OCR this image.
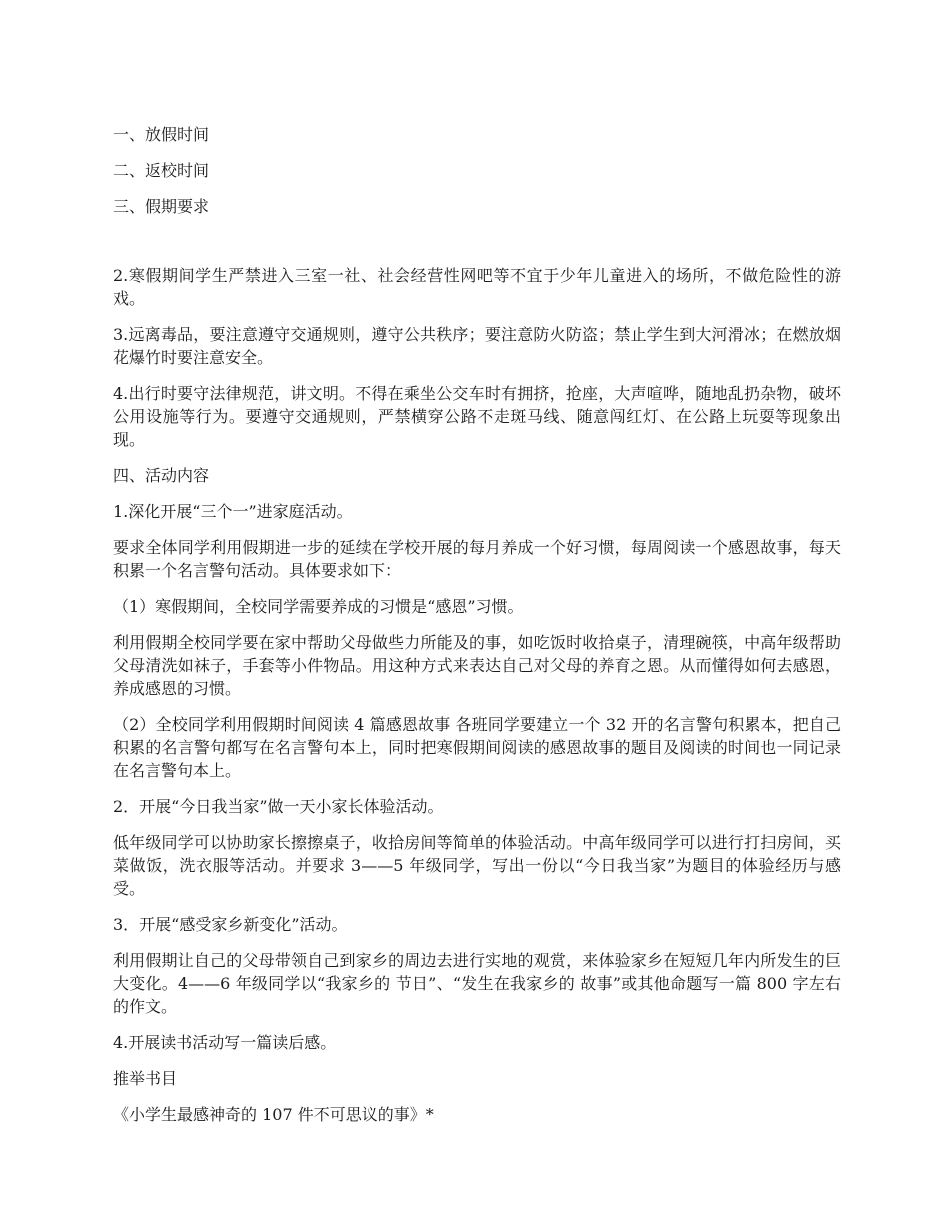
一、放假时间

二、返校时间

三、假期要求

2.寒假期间学生严禁进入三室一社、社会经营性网吧等不宜于少年儿童进入的场所，不做危险性的游戏。

3.远离毒品，要注意遵守交通规则，遵守公共秩序；要注意防火防盗；禁止学生到大河滑冰；在燃放烟花爆竹时要注意安全。

4.出行时要守法律规范，讲文明。不得在乘坐公交车时有拥挤，抢座，大声喧哗，随地乱扔杂物，破坏公用设施等行为。要遵守交通规则，严禁横穿公路不走斑马线、随意闯红灯、在公路上玩耍等现象出现。

四、活动内容

1.深化开展“三个一”进家庭活动。

要求全体同学利用假期进一步的延续在学校开展的每月养成一个好习惯，每周阅读一个感恩故事，每天积累一个名言警句活动。具体要求如下：

（1）寒假期间，全校同学需要养成的习惯是“感恩”习惯。

利用假期全校同学要在家中帮助父母做些力所能及的事，如吃饭时收拾桌子，清理碗筷，中高年级帮助父母清洗如袜子，手套等小件物品。用这种方式来表达自己对父母的养育之恩。从而懂得如何去感恩，养成感恩的习惯。

（2）全校同学利用假期时间阅读 4 篇感恩故事 各班同学要建立一个 32 开的名言警句积累本，把自己积累的名言警句都写在名言警句本上，同时把寒假期间阅读的感恩故事的题目及阅读的时间也一同记录在名言警句本上。

2．开展“今日我当家”做一天小家长体验活动。

低年级同学可以协助家长擦擦桌子，收拾房间等简单的体验活动。中高年级同学可以进行打扫房间，买菜做饭，洗衣服等活动。并要求 3——5 年级同学，写出一份以“今日我当家”为题目的体验经历与感受。

3．开展“感受家乡新变化”活动。

利用假期让自己的父母带领自己到家乡的周边去进行实地的观赏，来体验家乡在短短几年内所发生的巨大变化。4——6 年级同学以“我家乡的 节日”、“发生在我家乡的 故事”或其他命题写一篇 800 字左右的作文。

4.开展读书活动写一篇读后感。

推举书目

《小学生最感神奇的 107 件不可思议的事》*
